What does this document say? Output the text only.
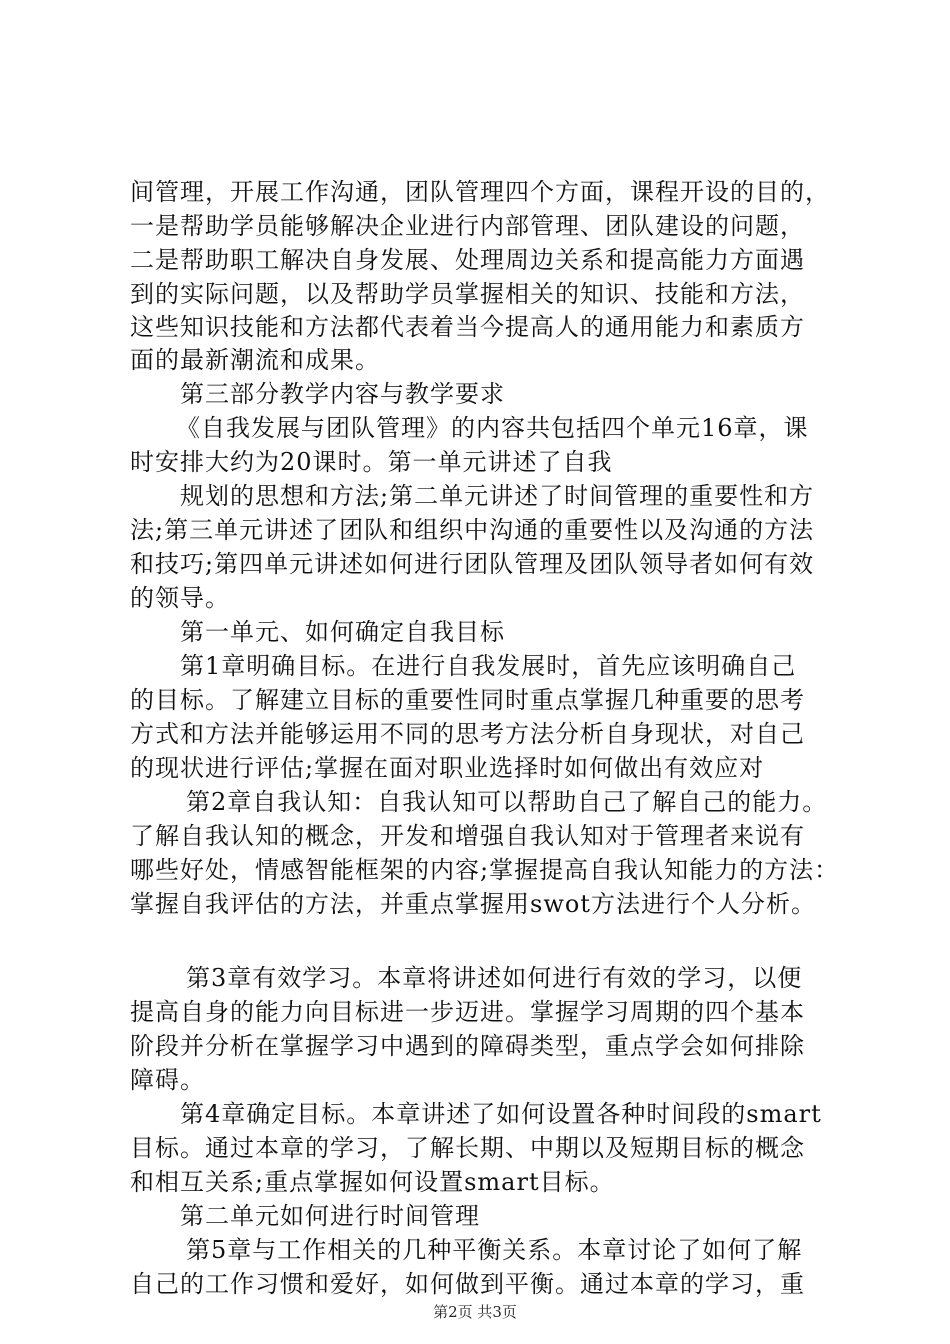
间管理，开展工作沟通，团队管理四个方面，课程开设的目的，
一是帮助学员能够解决企业进行内部管理、团队建设的问题，
二是帮助职工解决自身发展、处理周边关系和提高能力方面遇
到的实际问题，以及帮助学员掌握相关的知识、技能和方法，
这些知识技能和方法都代表着当今提高人的通用能力和素质方
面的最新潮流和成果。
第三部分教学内容与教学要求
《自我发展与团队管理》的内容共包括四个单元16章，课
时安排大约为20课时。第一单元讲述了自我
规划的思想和方法;第二单元讲述了时间管理的重要性和方
法;第三单元讲述了团队和组织中沟通的重要性以及沟通的方法
和技巧;第四单元讲述如何进行团队管理及团队领导者如何有效
的领导。
第一单元、如何确定自我目标
第1章明确目标。在进行自我发展时，首先应该明确自己
的目标。了解建立目标的重要性同时重点掌握几种重要的思考
方式和方法并能够运用不同的思考方法分析自身现状，对自己
的现状进行评估;掌握在面对职业选择时如何做出有效应对
第2章自我认知：自我认知可以帮助自己了解自己的能力。
了解自我认知的概念，开发和增强自我认知对于管理者来说有
哪些好处，情感智能框架的内容;掌握提高自我认知能力的方法：
掌握自我评估的方法，并重点掌握用swot方法进行个人分析。
第3章有效学习。本章将讲述如何进行有效的学习，以便
提高自身的能力向目标进一步迈进。掌握学习周期的四个基本
阶段并分析在掌握学习中遇到的障碍类型，重点学会如何排除
障碍。
第4章确定目标。本章讲述了如何设置各种时间段的smart
目标。通过本章的学习，了解长期、中期以及短期目标的概念
和相互关系;重点掌握如何设置smart目标。
第二单元如何进行时间管理
第5章与工作相关的几种平衡关系。本章讨论了如何了解
自己的工作习惯和爱好，如何做到平衡。通过本章的学习，重
第2页 共3页
